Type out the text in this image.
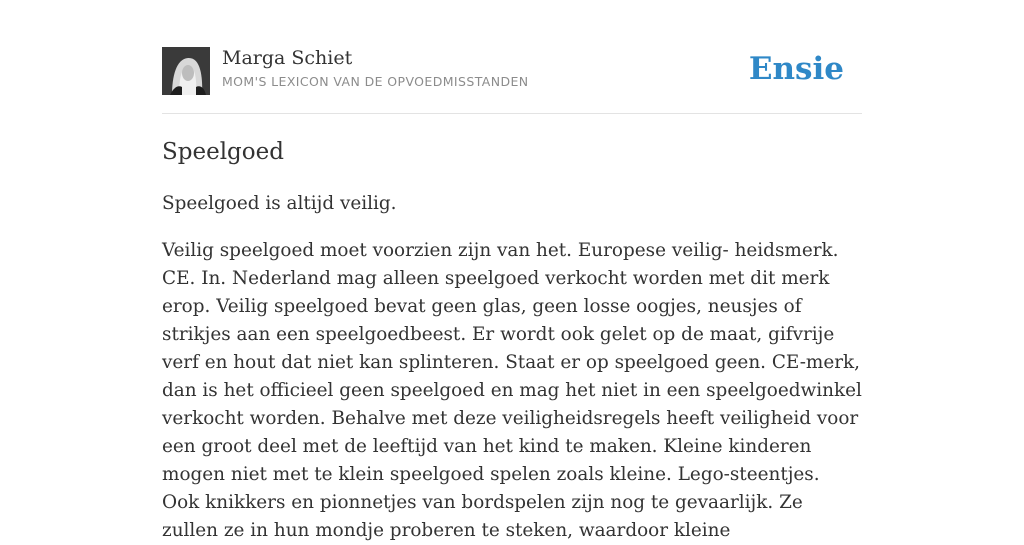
Marga Schiet
MOM'S LEXICON VAN DE OPVOEDMISSTANDEN	Ensie
Speelgoed

Speelgoed is altijd veilig.

Veilig speelgoed moet voorzien zijn van het. Europese veilig- heidsmerk. CE. In. Nederland mag alleen speelgoed verkocht worden met dit merk erop. Veilig speelgoed bevat geen glas, geen losse oogjes, neusjes of strikjes aan een speelgoedbeest. Er wordt ook gelet op de maat, gifvrije verf en hout dat niet kan splinteren. Staat er op speelgoed geen. CE-merk, dan is het officieel geen speelgoed en mag het niet in een speelgoedwinkel verkocht worden. Behalve met deze veiligheidsregels heeft veiligheid voor een groot deel met de leeftijd van het kind te maken. Kleine kinderen mogen niet met te klein speelgoed spelen zoals kleine. Lego-steentjes. Ook knikkers en pionnetjes van bordspelen zijn nog te gevaarlijk. Ze zullen ze in hun mondje proberen te steken, waardoor kleine
